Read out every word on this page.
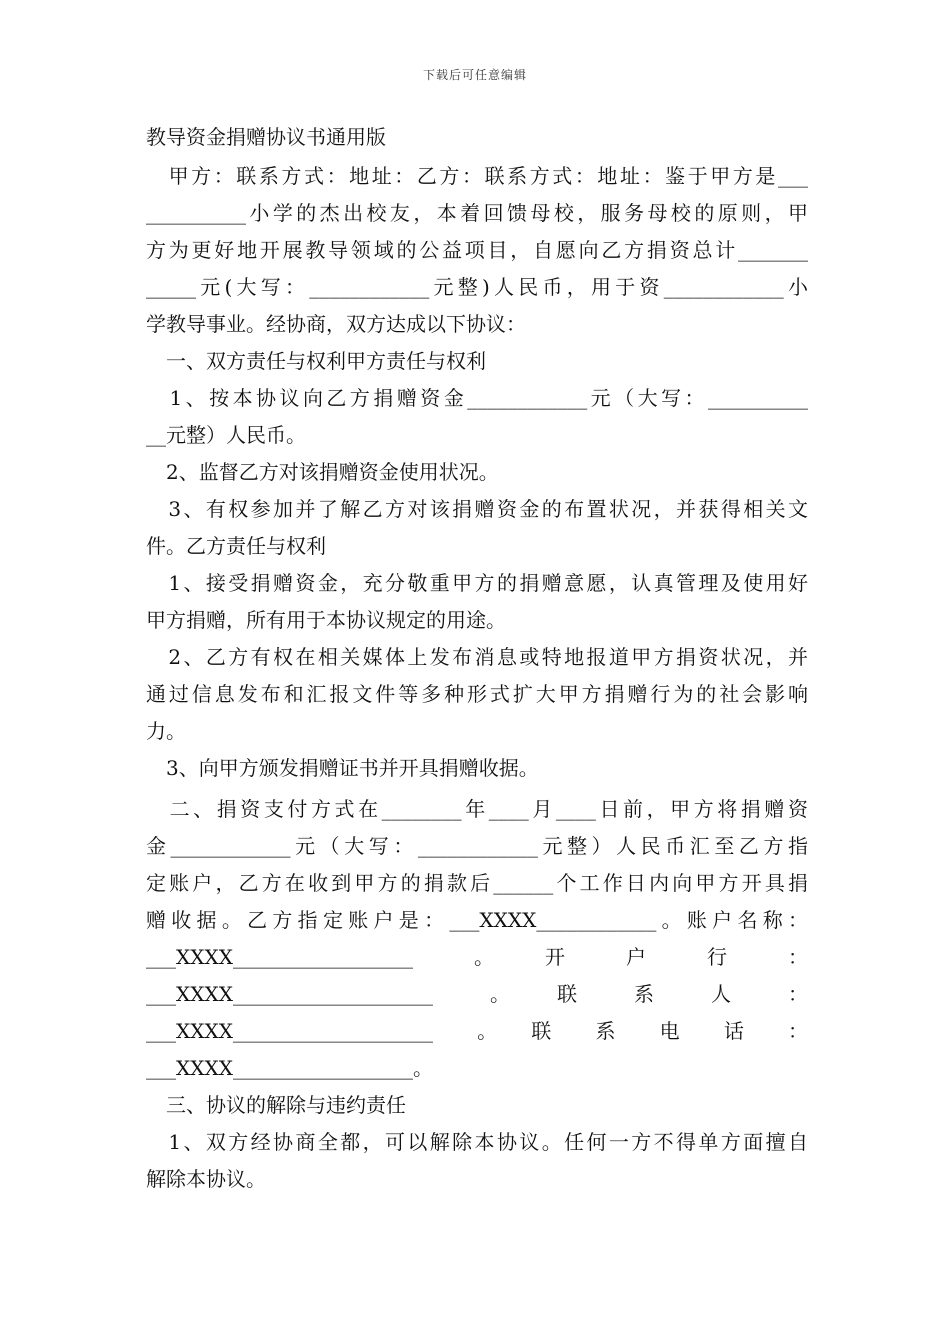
下载后可任意编辑
教导资金捐赠协议书通用版
　甲方：联系方式：地址：乙方：联系方式：地址：鉴于甲方是___
__________小学的杰出校友，本着回馈母校，服务母校的原则，甲
方为更好地开展教导领域的公益项目，自愿向乙方捐资总计_______
_____元(大写：____________元整)人民币，用于资____________小
学教导事业。经协商，双方达成以下协议：
　一、双方责任与权利甲方责任与权利
　1、按本协议向乙方捐赠资金____________元（大写：__________
__元整）人民币。
　2、监督乙方对该捐赠资金使用状况。
　3、有权参加并了解乙方对该捐赠资金的布置状况，并获得相关文
件。乙方责任与权利
　1、接受捐赠资金，充分敬重甲方的捐赠意愿，认真管理及使用好
甲方捐赠，所有用于本协议规定的用途。
　2、乙方有权在相关媒体上发布消息或特地报道甲方捐资状况，并
通过信息发布和汇报文件等多种形式扩大甲方捐赠行为的社会影响
力。
　3、向甲方颁发捐赠证书并开具捐赠收据。
　二、捐资支付方式在________年____月____日前，甲方将捐赠资
金____________元（大写：____________元整）人民币汇至乙方指
定账户，乙方在收到甲方的捐款后______个工作日内向甲方开具捐
赠收据。乙方指定账户是：___XXXX____________。账户名称：
___XXXX__________________　　。　　开　　户　　行　　：
___XXXX____________________　　。　　联　　系　　人　　：
___XXXX____________________　　。　　联　　系　　电　　话　　：
___XXXX__________________。
　三、协议的解除与违约责任
　1、双方经协商全都，可以解除本协议。任何一方不得单方面擅自
解除本协议。
